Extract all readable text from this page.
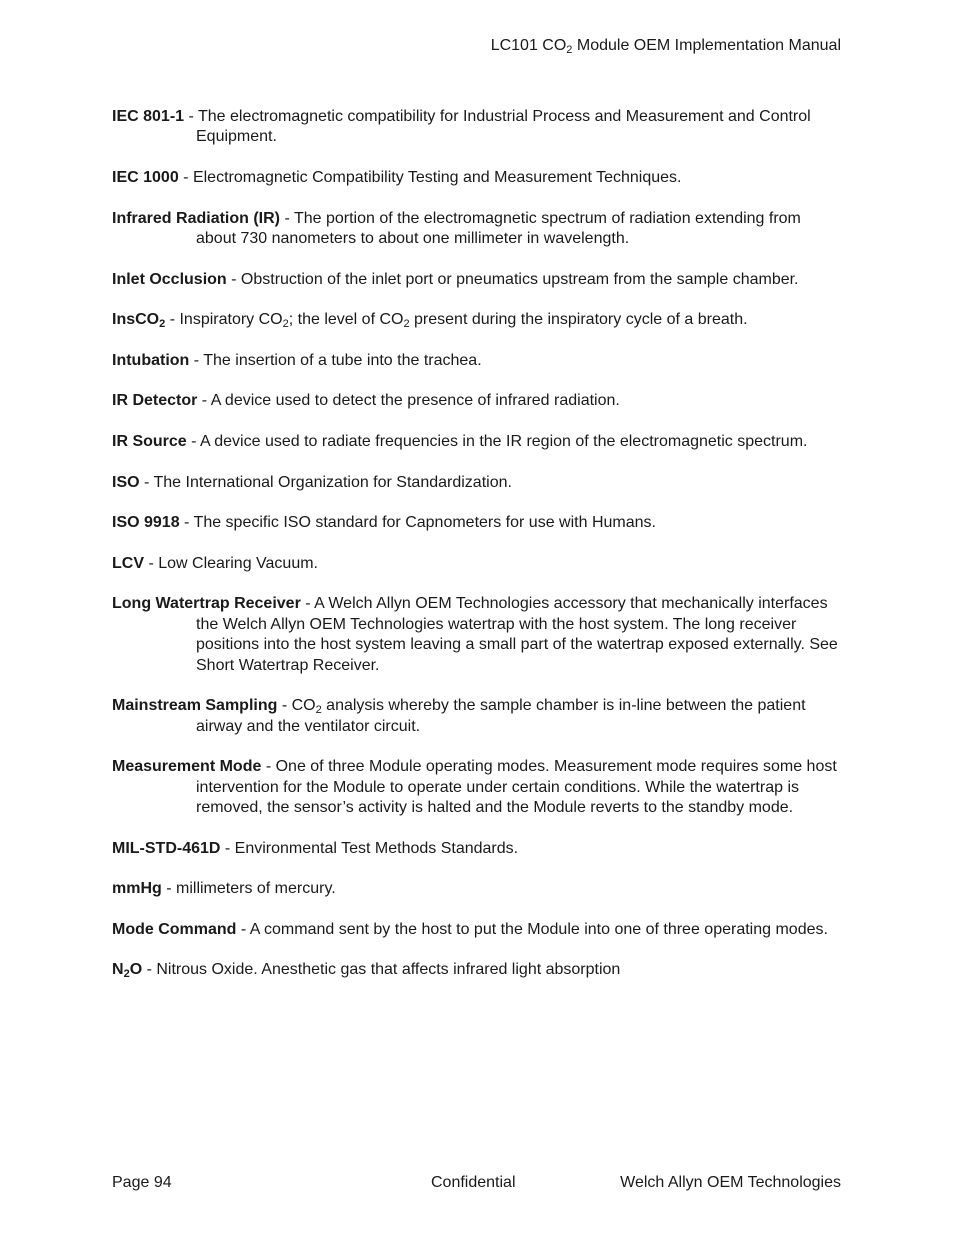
LC101 $CO_2$ Module OEM Implementation Manual

IEC 801-1 - The electromagnetic compatibility for Industrial Process and Measurement and Control Equipment.

IEC 1000 - Electromagnetic Compatibility Testing and Measurement Techniques.

Infrared Radiation (IR) - The portion of the electromagnetic spectrum of radiation extending from about 730 nanometers to about one millimeter in wavelength.

Inlet Occlusion - Obstruction of the inlet port or pneumatics upstream from the sample chamber.

InsCO$_2$ - Inspiratory $CO_2$; the level of $CO_2$ present during the inspiratory cycle of a breath.

Intubation - The insertion of a tube into the trachea.

IR Detector - A device used to detect the presence of infrared radiation.

IR Source - A device used to radiate frequencies in the IR region of the electromagnetic spectrum.

ISO - The International Organization for Standardization.

ISO 9918 - The specific ISO standard for Capnometers for use with Humans.

LCV - Low Clearing Vacuum.

Long Watertrap Receiver - A Welch Allyn OEM Technologies accessory that mechanically interfaces the Welch Allyn OEM Technologies watertrap with the host system. The long receiver positions into the host system leaving a small part of the watertrap exposed externally. See Short Watertrap Receiver.

Mainstream Sampling - $CO_2$ analysis whereby the sample chamber is in-line between the patient airway and the ventilator circuit.

Measurement Mode - One of three Module operating modes. Measurement mode requires some host intervention for the Module to operate under certain conditions. While the watertrap is removed, the sensor’s activity is halted and the Module reverts to the standby mode.

MIL-STD-461D - Environmental Test Methods Standards.

mmHg - millimeters of mercury.

Mode Command - A command sent by the host to put the Module into one of three operating modes.

$N_2O$ - Nitrous Oxide. Anesthetic gas that affects infrared light absorption

Page 94	Confidential	Welch Allyn OEM Technologies
